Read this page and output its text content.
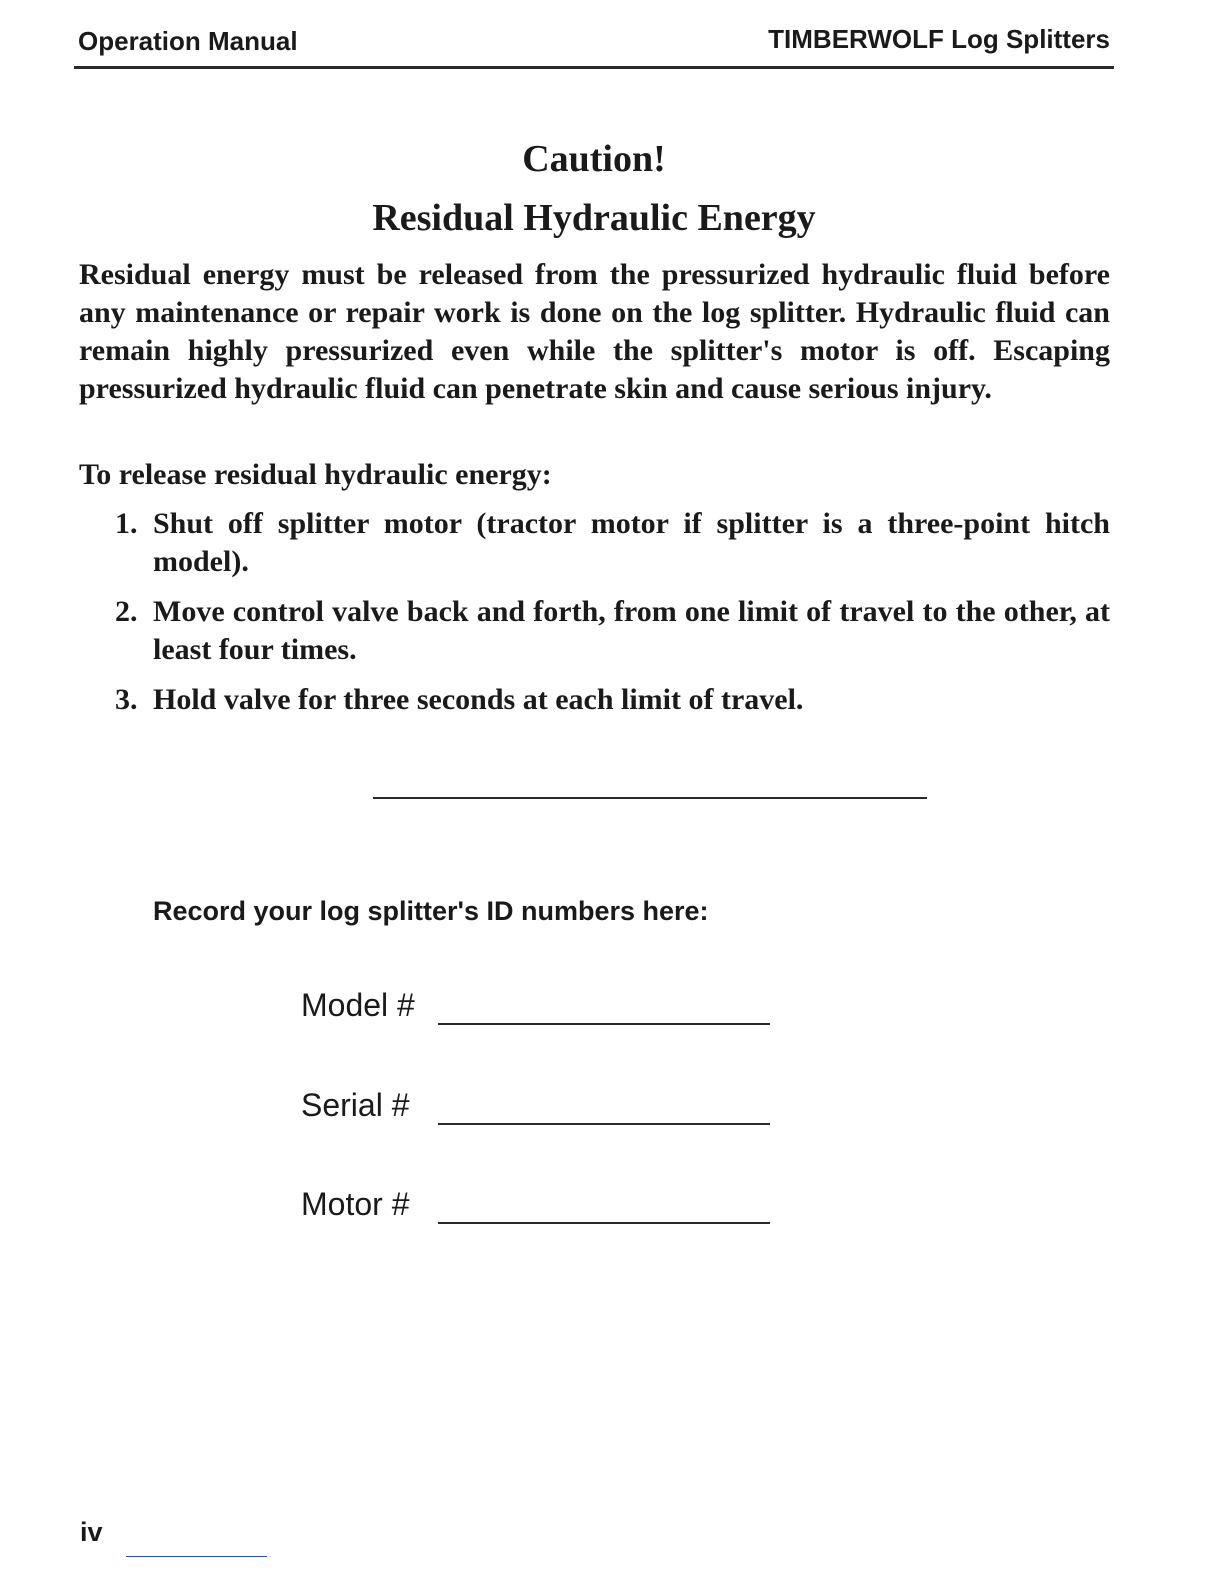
Operation Manual	TIMBERWOLF Log Splitters
Caution!
Residual Hydraulic Energy

Residual energy must be released from the pressurized hydraulic fluid before any maintenance or repair work is done on the log splitter. Hydraulic fluid can remain highly pressurized even while the splitter's motor is off. Escaping pressurized hydraulic fluid can penetrate skin and cause serious injury.

To release residual hydraulic energy:

1. Shut off splitter motor (tractor motor if splitter is a three-point hitch model).
2. Move control valve back and forth, from one limit of travel to the other, at least four times.
3. Hold valve for three seconds at each limit of travel.
Record your log splitter's ID numbers here:
Model #
Serial #
Motor #
iv
